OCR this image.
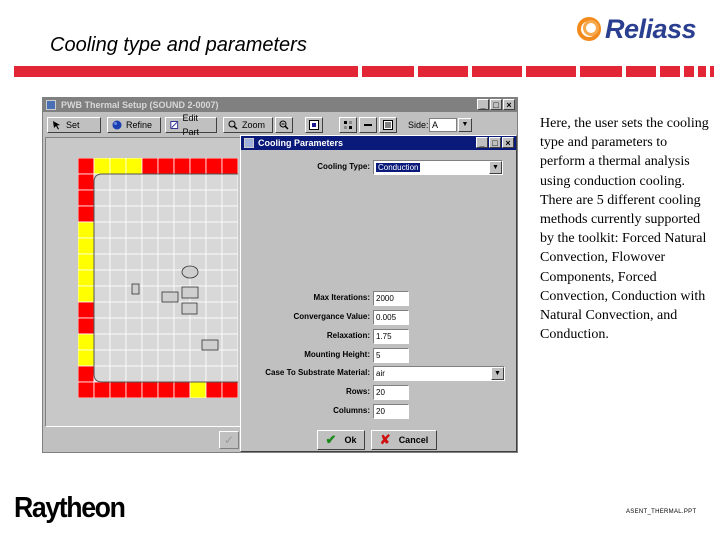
Cooling type and parameters
Reliass
PWB Thermal Setup (SOUND 2-0007)	_ □ ×
Set	Refine
Edit Part
Zoom	Side: A	▼
✓
Cooling Parameters	_ □ ×
Cooling Type:	Conduction	▼
Max Iterations: 2000
Convergance Value: 0.005
Relaxation: 1.75
Mounting Height: 5
Case To Substrate Material: air	▼
Rows: 20
Columns: 20
✔ Ok ✘ Cancel
Here, the user sets the cooling type and parameters to perform a thermal analysis using conduction cooling. There are 5 different cooling methods currently supported by the toolkit: Forced Natural Convection, Flowover Components, Forced Convection, Conduction with Natural Convection, and Conduction.
Raytheon	ASENT_THERMAL.PPT
